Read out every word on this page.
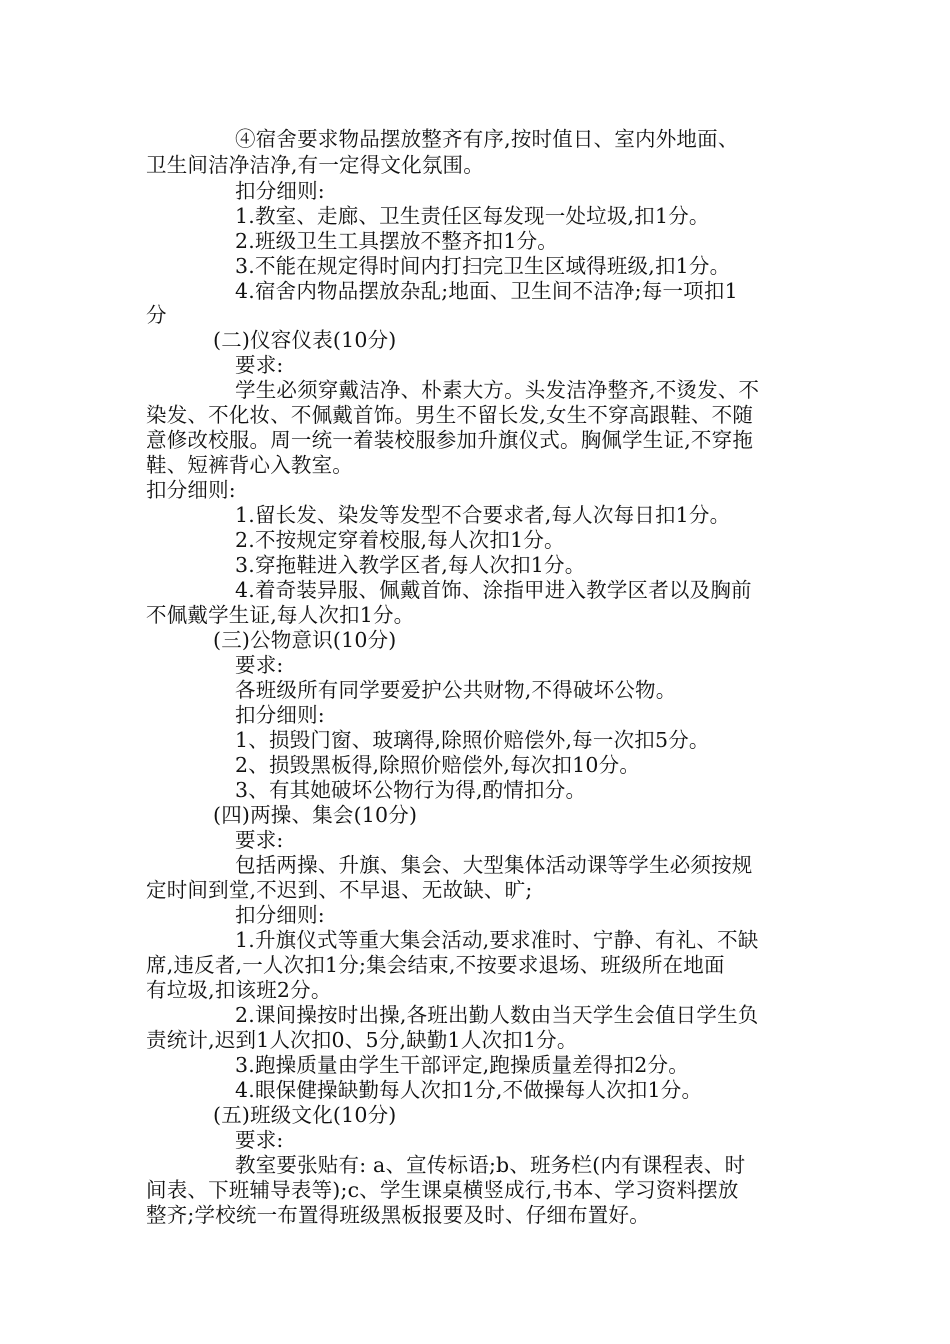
④宿舍要求物品摆放整齐有序,按时值日、室内外地面、
卫生间洁净洁净,有一定得文化氛围。
扣分细则:
1.教室、走廊、卫生责任区每发现一处垃圾,扣1分。
2.班级卫生工具摆放不整齐扣1分。
3.不能在规定得时间内打扫完卫生区域得班级,扣1分。
4.宿舍内物品摆放杂乱;地面、卫生间不洁净;每一项扣1
分
(二)仪容仪表(10分)
要求:
学生必须穿戴洁净、朴素大方。头发洁净整齐,不烫发、不
染发、不化妆、不佩戴首饰。男生不留长发,女生不穿高跟鞋、不随
意修改校服。周一统一着装校服参加升旗仪式。胸佩学生证,不穿拖
鞋、短裤背心入教室。
扣分细则:
1.留长发、染发等发型不合要求者,每人次每日扣1分。
2.不按规定穿着校服,每人次扣1分。
3.穿拖鞋进入教学区者,每人次扣1分。
4.着奇装异服、佩戴首饰、涂指甲进入教学区者以及胸前
不佩戴学生证,每人次扣1分。
(三)公物意识(10分)
要求:
各班级所有同学要爱护公共财物,不得破坏公物。
扣分细则:
1、损毁门窗、玻璃得,除照价赔偿外,每一次扣5分。
2、损毁黑板得,除照价赔偿外,每次扣10分。
3、有其她破坏公物行为得,酌情扣分。
(四)两操、集会(10分)
要求:
包括两操、升旗、集会、大型集体活动课等学生必须按规
定时间到堂,不迟到、不早退、无故缺、旷;
扣分细则:
1.升旗仪式等重大集会活动,要求准时、宁静、有礼、不缺
席,违反者,一人次扣1分;集会结束,不按要求退场、班级所在地面
有垃圾,扣该班2分。
2.课间操按时出操,各班出勤人数由当天学生会值日学生负
责统计,迟到1人次扣0、5分,缺勤1人次扣1分。
3.跑操质量由学生干部评定,跑操质量差得扣2分。
4.眼保健操缺勤每人次扣1分,不做操每人次扣1分。
(五)班级文化(10分)
要求:
教室要张贴有: a、宣传标语;b、班务栏(内有课程表、时
间表、下班辅导表等);c、学生课桌横竖成行,书本、学习资料摆放
整齐;学校统一布置得班级黑板报要及时、仔细布置好。
